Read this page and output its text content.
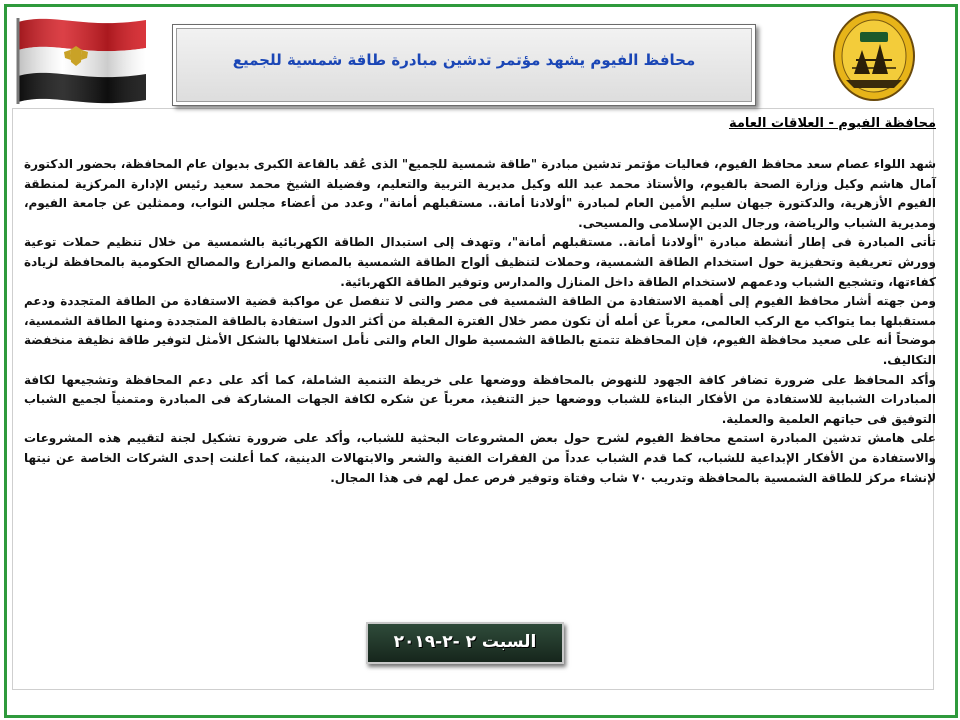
محافظ الفيوم يشهد مؤتمر تدشين مبادرة طاقة شمسية للجميع
محافظة الفيوم - العلاقات العامة

شهد اللواء عصام سعد محافظ الفيوم، فعاليات مؤتمر تدشين مبادرة "طاقة شمسية للجميع" الذى عُقد بالقاعة الكبرى بديوان عام المحافظة، بحضور الدكتورة آمال هاشم وكيل وزارة الصحة بالفيوم، والأستاذ محمد عبد الله وكيل مديرية التربية والتعليم، وفضيلة الشيخ محمد سعيد رئيس الإدارة المركزية لمنطقة الفيوم الأزهرية، والدكتورة جيهان سليم الأمين العام لمبادرة "أولادنا أمانة.. مستقبلهم أمانة"، وعدد من أعضاء مجلس النواب، وممثلين عن جامعة الفيوم، ومديرية الشباب والرياضة، ورجال الدين الإسلامى والمسيحى.

تأتى المبادرة فى إطار أنشطة مبادرة "أولادنا أمانة.. مستقبلهم أمانة"، وتهدف إلى استبدال الطاقة الكهربائية بالشمسية من خلال تنظيم حملات توعية وورش تعريفية وتحفيزية حول استخدام الطاقة الشمسية، وحملات لتنظيف ألواح الطاقة الشمسية بالمصانع والمزارع والمصالح الحكومية بالمحافظة لزيادة كفاءتها، وتشجيع الشباب ودعمهم لاستخدام الطاقة داخل المنازل والمدارس وتوفير الطاقة الكهربائية.

ومن جهته أشار محافظ الفيوم إلى أهمية الاستفادة من الطاقة الشمسية فى مصر والتى لا تنفصل عن مواكبة قضية الاستفادة من الطاقة المتجددة ودعم مستقبلها بما يتواكب مع الركب العالمى، معرباً عن أمله أن تكون مصر خلال الفترة المقبلة من أكثر الدول استفادة بالطاقة المتجددة ومنها الطاقة الشمسية، موضحاً أنه على صعيد محافظة الفيوم، فإن المحافظة تتمتع بالطاقة الشمسية طوال العام والتى نأمل استغلالها بالشكل الأمثل لتوفير طاقة نظيفة منخفضة التكاليف.

وأكد المحافظ على ضرورة تضافر كافة الجهود للنهوض بالمحافظة ووضعها على خريطة التنمية الشاملة، كما أكد على دعم المحافظة وتشجيعها لكافة المبادرات الشبابية للاستفادة من الأفكار البناءة للشباب ووضعها حيز التنفيذ، معرباً عن شكره لكافة الجهات المشاركة فى المبادرة ومتمنياً لجميع الشباب التوفيق فى حياتهم العلمية والعملية.

على هامش تدشين المبادرة استمع محافظ الفيوم لشرح حول بعض المشروعات البحثية للشباب، وأكد على ضرورة تشكيل لجنة لتقييم هذه المشروعات والاستفادة من الأفكار الإبداعية للشباب، كما قدم الشباب عدداً من الفقرات الفنية والشعر والابتهالات الدينية، كما أعلنت إحدى الشركات الخاصة عن نيتها لإنشاء مركز للطاقة الشمسية بالمحافظة وتدريب ٧٠ شاب وفتاة وتوفير فرص عمل لهم فى هذا المجال.

السبت ٢ -٢-٢٠١٩
